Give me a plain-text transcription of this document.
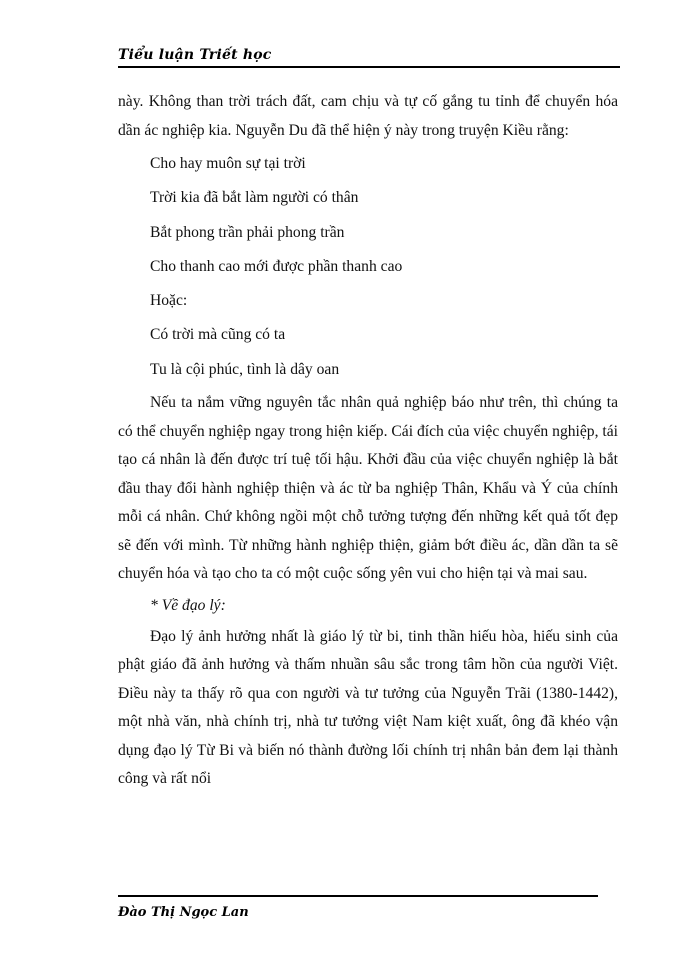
Tiểu luận Triết học

này. Không than trời trách đất, cam chịu và tự cố gắng tu tỉnh để chuyển hóa dần ác nghiệp kia. Nguyễn Du đã thể hiện ý này trong truyện Kiều rằng:

Cho hay muôn sự tại trời

Trời kia đã bắt làm người có thân

Bắt phong trần phải phong trần

Cho thanh cao mới được phần thanh cao

Hoặc:

Có trời mà cũng có ta

Tu là cội phúc, tình là dây oan

Nếu ta nắm vững nguyên tắc nhân quả nghiệp báo như trên, thì chúng ta có thể chuyển nghiệp ngay trong hiện kiếp. Cái đích của việc chuyển nghiệp, tái tạo cá nhân là đến được trí tuệ tối hậu. Khởi đầu của việc chuyển nghiệp là bắt đầu thay đổi hành nghiệp thiện và ác từ ba nghiệp Thân, Khẩu và Ý của chính mỗi cá nhân. Chứ không ngồi một chỗ tưởng tượng đến những kết quả tốt đẹp sẽ đến với mình. Từ những hành nghiệp thiện, giảm bớt điều ác, dần dần ta sẽ chuyển hóa và tạo cho ta có một cuộc sống yên vui cho hiện tại và mai sau.

* Về đạo lý:

Đạo lý ảnh hưởng nhất là giáo lý từ bi, tinh thần hiếu hòa, hiếu sinh của phật giáo đã ảnh hưởng và thấm nhuần sâu sắc trong tâm hồn của người Việt. Điều này ta thấy rõ qua con người và tư tưởng của Nguyễn Trãi (1380-1442), một nhà văn, nhà chính trị, nhà tư tưởng việt Nam kiệt xuất, ông đã khéo vận dụng đạo lý Từ Bi và biến nó thành đường lối chính trị nhân bản đem lại thành công và rất nổi

Đào Thị Ngọc Lan
